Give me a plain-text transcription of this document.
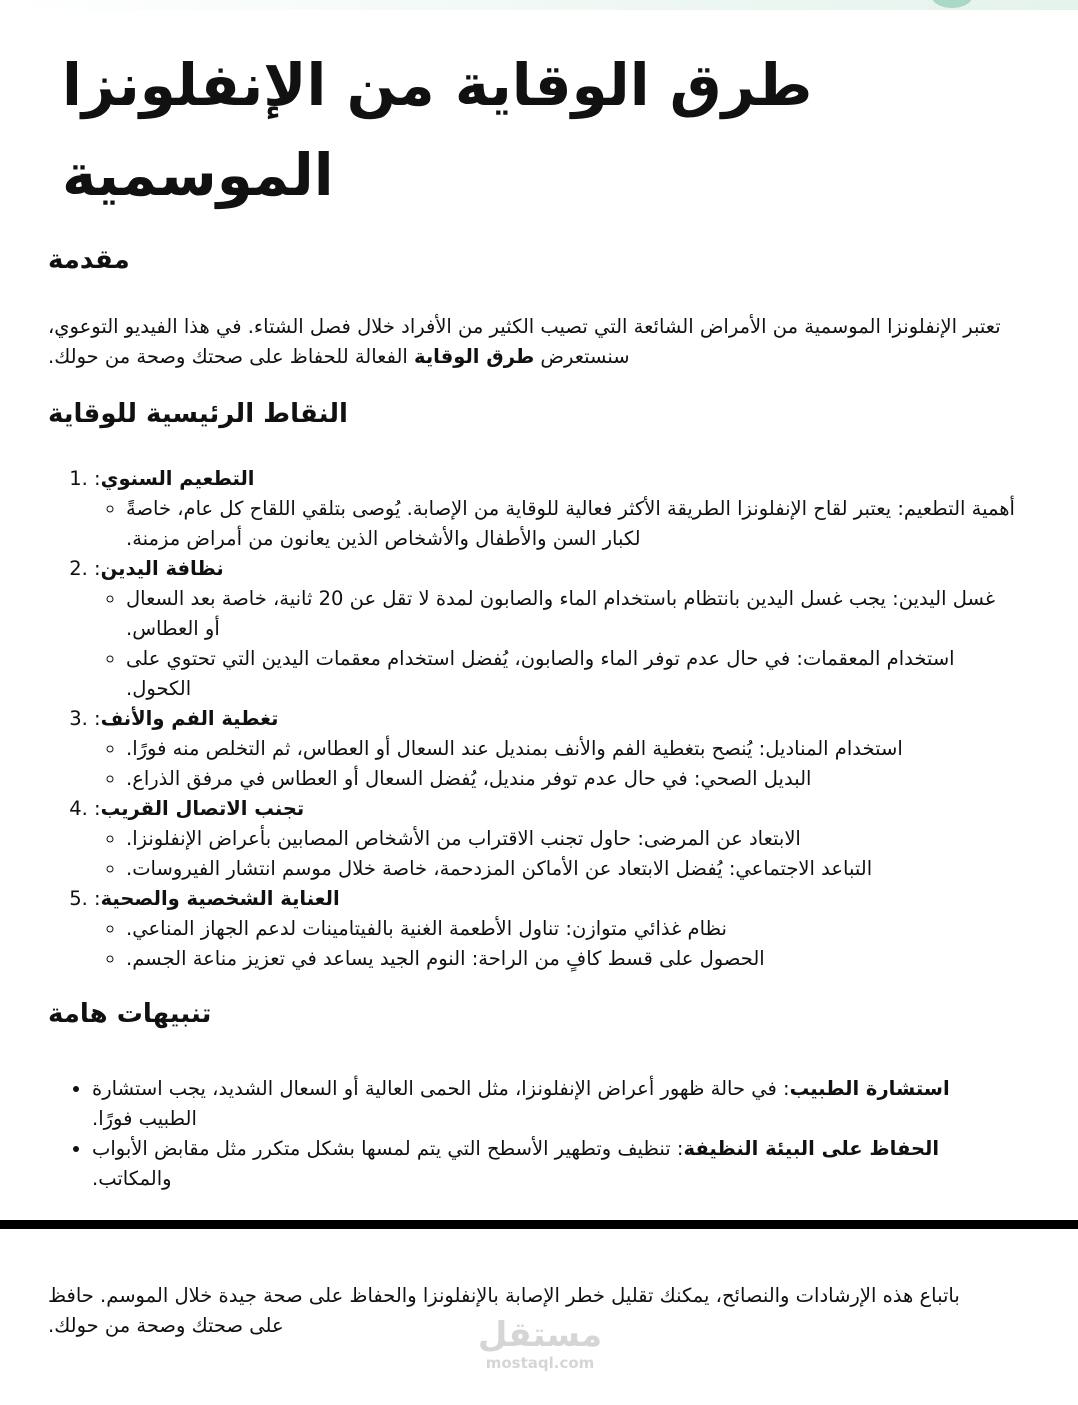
طرق الوقاية من الإنفلونزا الموسمية
مقدمة

تعتبر الإنفلونزا الموسمية من الأمراض الشائعة التي تصيب الكثير من الأفراد خلال فصل الشتاء. في هذا الفيديو التوعوي، سنستعرض طرق الوقاية الفعالة للحفاظ على صحتك وصحة من حولك.

النقاط الرئيسية للوقاية
1. التطعيم السنوي:
◦ أهمية التطعيم: يعتبر لقاح الإنفلونزا الطريقة الأكثر فعالية للوقاية من الإصابة. يُوصى بتلقي اللقاح كل عام، خاصةً لكبار السن والأطفال والأشخاص الذين يعانون من أمراض مزمنة.
2. نظافة اليدين:
◦ غسل اليدين: يجب غسل اليدين بانتظام باستخدام الماء والصابون لمدة لا تقل عن 20 ثانية، خاصة بعد السعال أو العطاس.
◦ استخدام المعقمات: في حال عدم توفر الماء والصابون، يُفضل استخدام معقمات اليدين التي تحتوي على الكحول.
3. تغطية الفم والأنف:
◦ استخدام المناديل: يُنصح بتغطية الفم والأنف بمنديل عند السعال أو العطاس، ثم التخلص منه فورًا.
◦ البديل الصحي: في حال عدم توفر منديل، يُفضل السعال أو العطاس في مرفق الذراع.
4. تجنب الاتصال القريب:
◦ الابتعاد عن المرضى: حاول تجنب الاقتراب من الأشخاص المصابين بأعراض الإنفلونزا.
◦ التباعد الاجتماعي: يُفضل الابتعاد عن الأماكن المزدحمة، خاصة خلال موسم انتشار الفيروسات.
5. العناية الشخصية والصحية:
◦ نظام غذائي متوازن: تناول الأطعمة الغنية بالفيتامينات لدعم الجهاز المناعي.
◦ الحصول على قسط كافٍ من الراحة: النوم الجيد يساعد في تعزيز مناعة الجسم.
تنبيهات هامة
• استشارة الطبيب: في حالة ظهور أعراض الإنفلونزا، مثل الحمى العالية أو السعال الشديد، يجب استشارة الطبيب فورًا.
• الحفاظ على البيئة النظيفة: تنظيف وتطهير الأسطح التي يتم لمسها بشكل متكرر مثل مقابض الأبواب والمكاتب.

باتباع هذه الإرشادات والنصائح، يمكنك تقليل خطر الإصابة بالإنفلونزا والحفاظ على صحة جيدة خلال الموسم. حافظ على صحتك وصحة من حولك.	مستقل
mostaql.com
